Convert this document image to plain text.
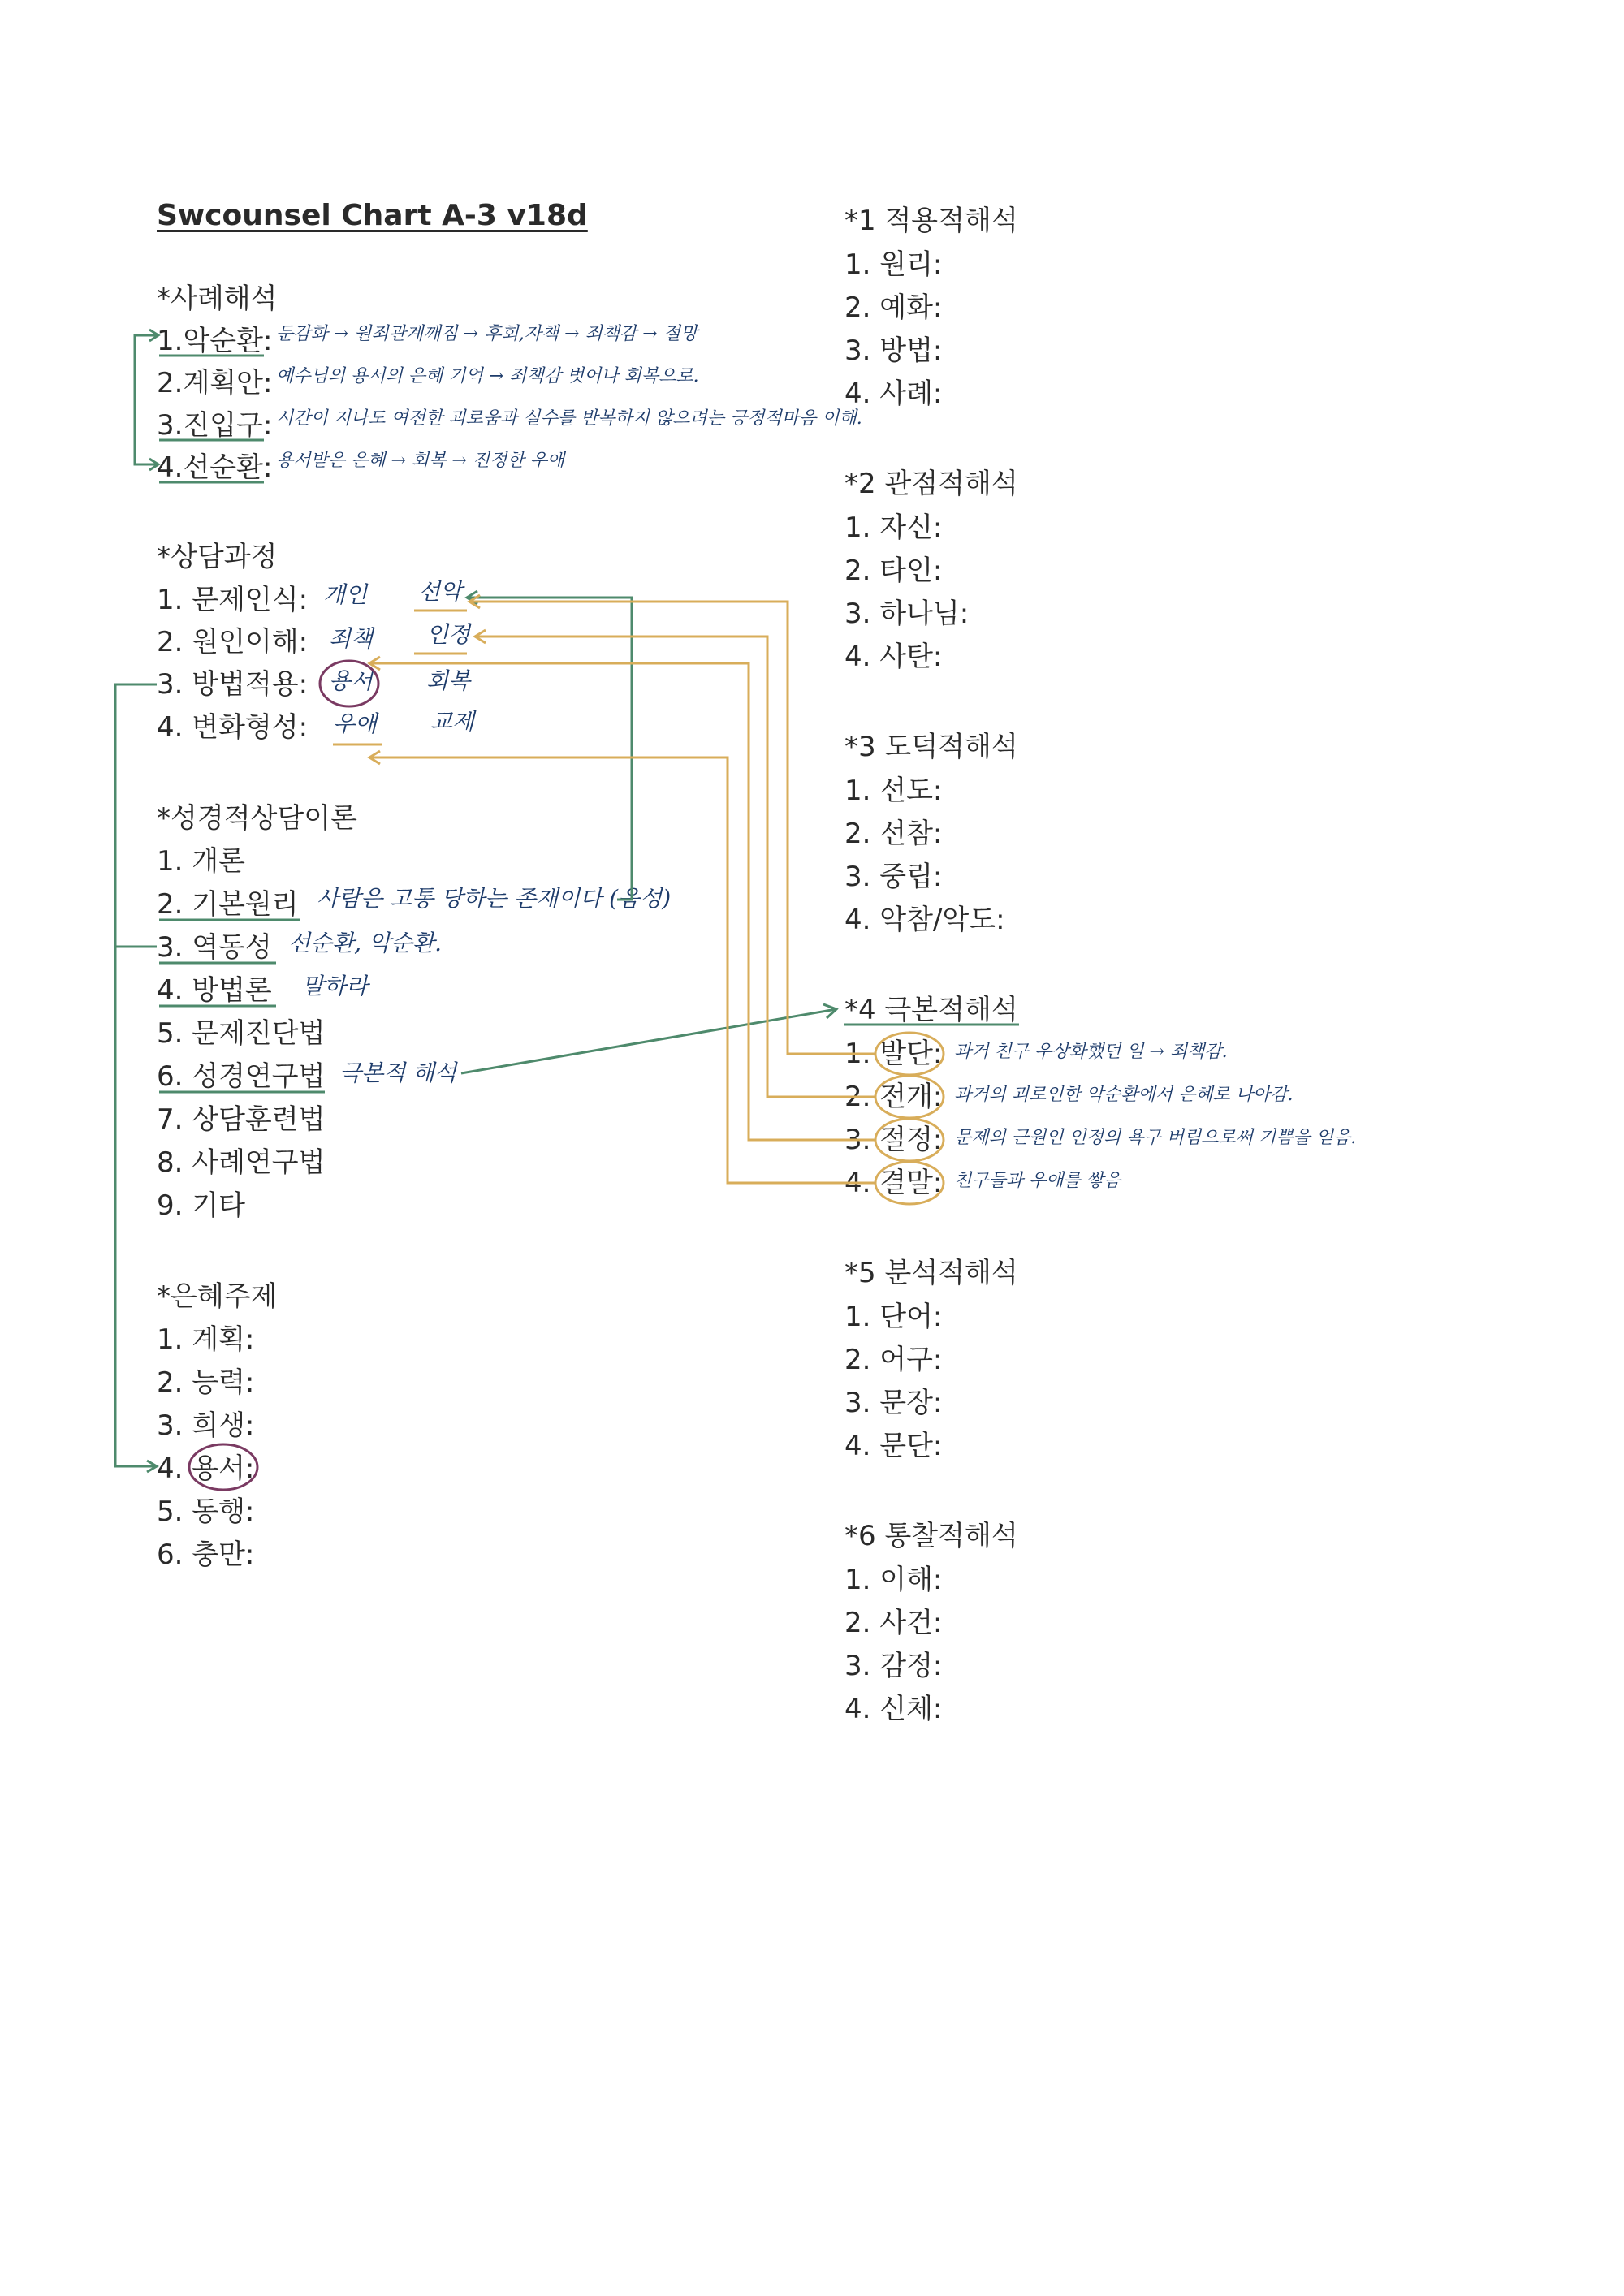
Swcounsel Chart A-3 v18d
*사례해석
1.악순환:
2.계획안:
3.진입구:
4.선순환:
*상담과정
1. 문제인식:
2. 원인이해:
3. 방법적용:
4. 변화형성:
*성경적상담이론
1. 개론
2. 기본원리
3. 역동성
4. 방법론
5. 문제진단법
6. 성경연구법
7. 상담훈련법
8. 사례연구법
9. 기타
*은혜주제
1. 계획:
2. 능력:
3. 희생:
4. 용서:
5. 동행:
6. 충만:
*1 적용적해석
1. 원리:
2. 예화:
3. 방법:
4. 사례:
*2 관점적해석
1. 자신:
2. 타인:
3. 하나님:
4. 사탄:
*3 도덕적해석
1. 선도:
2. 선참:
3. 중립:
4. 악참/악도:
*4 극본적해석
1. 발단:
2. 전개:
3. 절정:
4. 결말:
*5 분석적해석
1. 단어:
2. 어구:
3. 문장:
4. 문단:
*6 통찰적해석
1. 이해:
2. 사건:
3. 감정:
4. 신체:
둔감화 → 원죄관계깨짐 → 후회,자책 → 죄책감 → 절망
예수님의 용서의 은혜 기억 → 죄책감 벗어나 회복으로.
시간이 지나도 여전한 괴로움과 실수를 반복하지 않으려는 긍정적마음 이해.
용서받은 은혜 → 회복 → 진정한 우애
개인 선악
죄책 인정
용서 회복
우애 교제
사람은 고통 당하는 존재이다 (음성)
선순환, 악순환.
말하라
극본적 해석
과거 친구 우상화했던 일 → 죄책감.
과거의 괴로인한 악순환에서 은혜로 나아감.
문제의 근원인 인정의 욕구 버림으로써 기쁨을 얻음.
친구들과 우애를 쌓음
